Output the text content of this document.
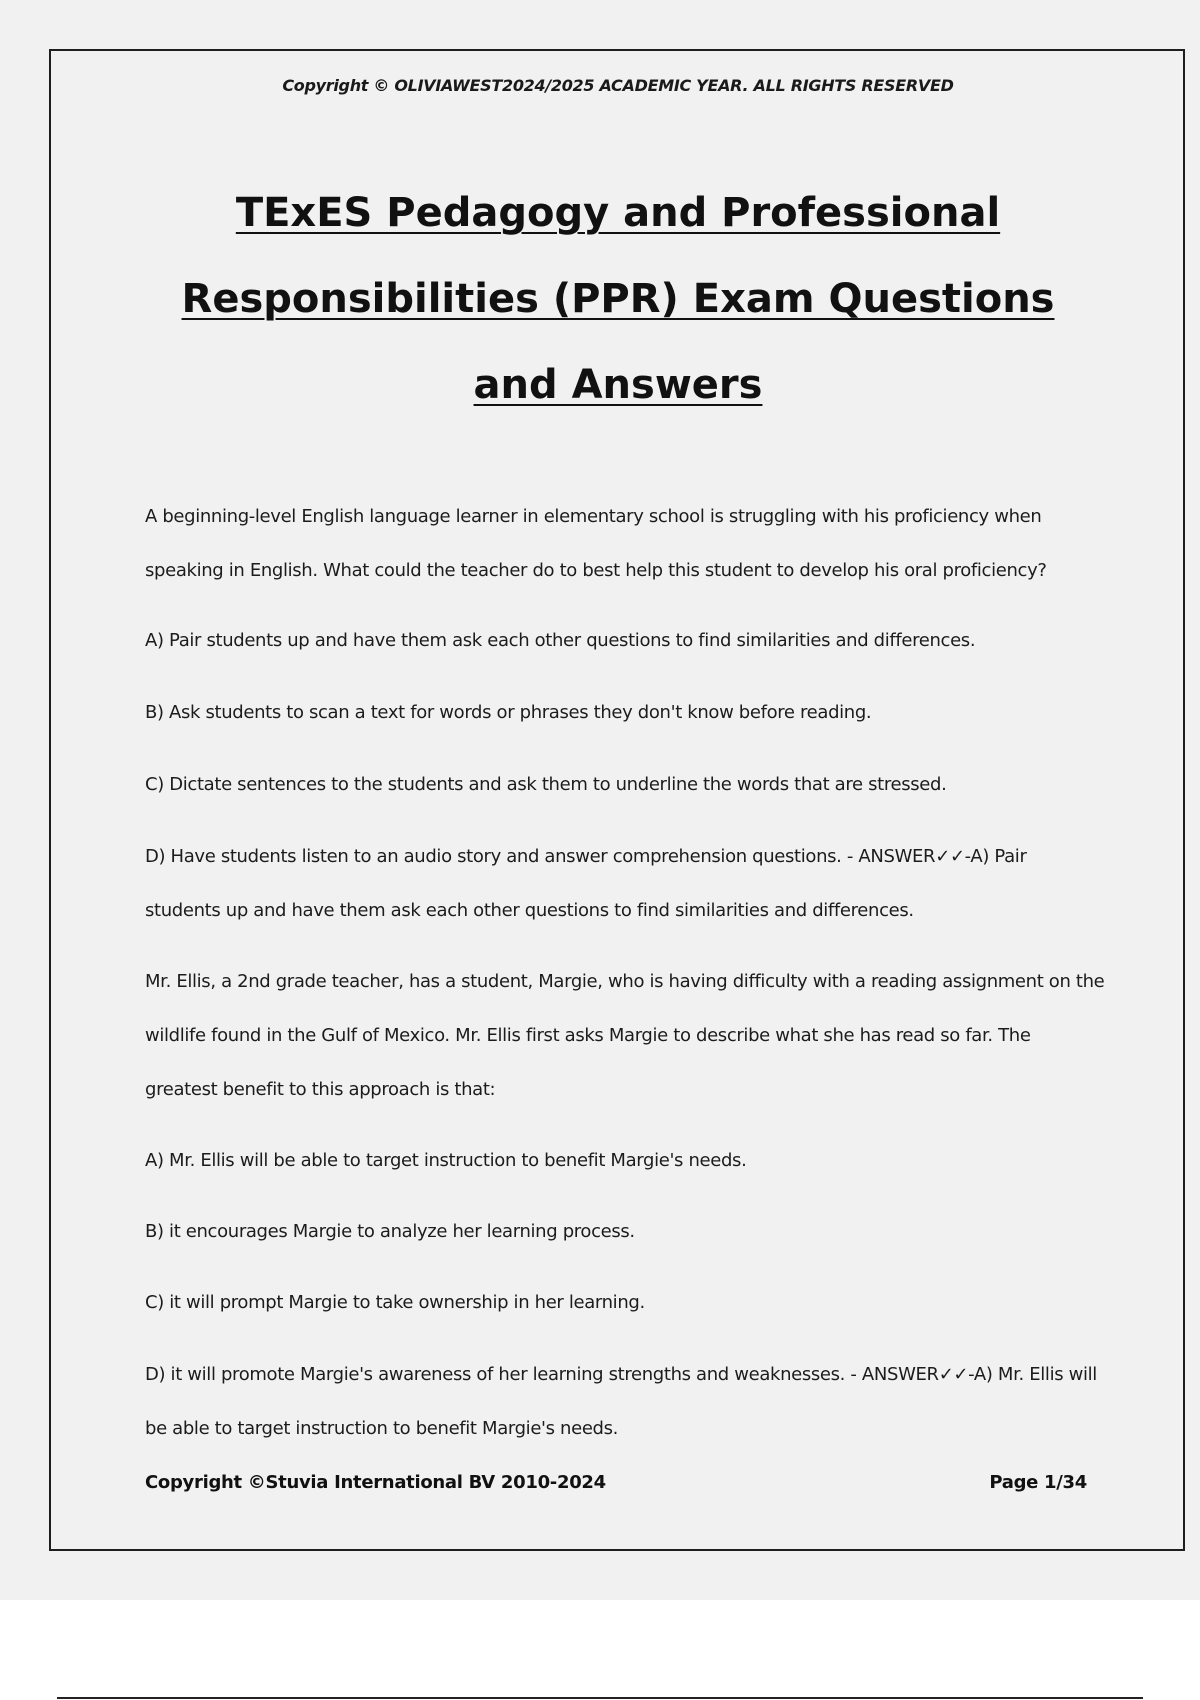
Copyright © OLIVIAWEST2024/2025 ACADEMIC YEAR. ALL RIGHTS RESERVED
TExES Pedagogy and Professional
Responsibilities (PPR) Exam Questions
and Answers

A beginning-level English language learner in elementary school is struggling with his proficiency when speaking in English. What could the teacher do to best help this student to develop his oral proficiency?

A) Pair students up and have them ask each other questions to find similarities and differences.

B) Ask students to scan a text for words or phrases they don't know before reading.

C) Dictate sentences to the students and ask them to underline the words that are stressed.

D) Have students listen to an audio story and answer comprehension questions. - ANSWER✓✓-A) Pair students up and have them ask each other questions to find similarities and differences.

Mr. Ellis, a 2nd grade teacher, has a student, Margie, who is having difficulty with a reading assignment on the wildlife found in the Gulf of Mexico. Mr. Ellis first asks Margie to describe what she has read so far. The greatest benefit to this approach is that:

A) Mr. Ellis will be able to target instruction to benefit Margie's needs.

B) it encourages Margie to analyze her learning process.

C) it will prompt Margie to take ownership in her learning.

D) it will promote Margie's awareness of her learning strengths and weaknesses. - ANSWER✓✓-A) Mr. Ellis will be able to target instruction to benefit Margie's needs.

Copyright ©Stuvia International BV 2010-2024	Page 1/34
